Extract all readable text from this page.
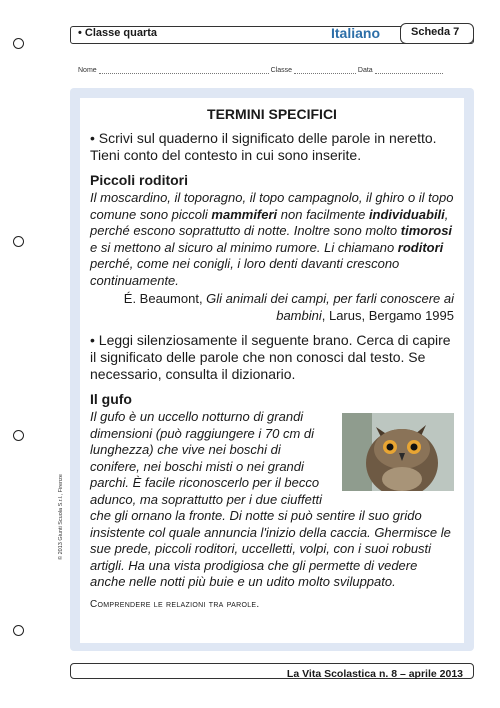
• Classe quarta	Italiano	Scheda 7
Nome	Classe	Data
TERMINI SPECIFICI

• Scrivi sul quaderno il significato delle parole in neretto. Tieni conto del contesto in cui sono inserite.

Piccoli roditori

Il moscardino, il toporagno, il topo campagnolo, il ghiro o il topo comune sono piccoli mammiferi non facilmente individuabili, perché escono soprattutto di notte. Inoltre sono molto timorosi e si mettono al sicuro al minimo rumore. Li chiamano roditori perché, come nei conigli, i loro denti davanti crescono continuamente.

É. Beaumont, Gli animali dei campi, per farli conoscere ai bambini, Larus, Bergamo 1995

• Leggi silenziosamente il seguente brano. Cerca di capire il significato delle parole che non conosci dal testo. Se necessario, consulta il dizionario.

Il gufo

Il gufo è un uccello notturno di grandi dimensioni (può raggiungere i 70 cm di lunghezza) che vive nei boschi di conifere, nei boschi misti o nei grandi parchi. È facile riconoscerlo per il becco adunco, ma soprattutto per i due ciuffetti che gli ornano la fronte. Di notte si può sentire il suo grido insistente col quale annuncia l'inizio della caccia. Ghermisce le sue prede, piccoli roditori, uccelletti, volpi, con i suoi robusti artigli. Ha una vista prodigiosa che gli permette di vedere anche nelle notti più buie e un udito molto sviluppato.

Comprendere le relazioni tra parole.
© 2013 Giunti Scuola S.r.l., Firenze
La Vita Scolastica n. 8 – aprile 2013
